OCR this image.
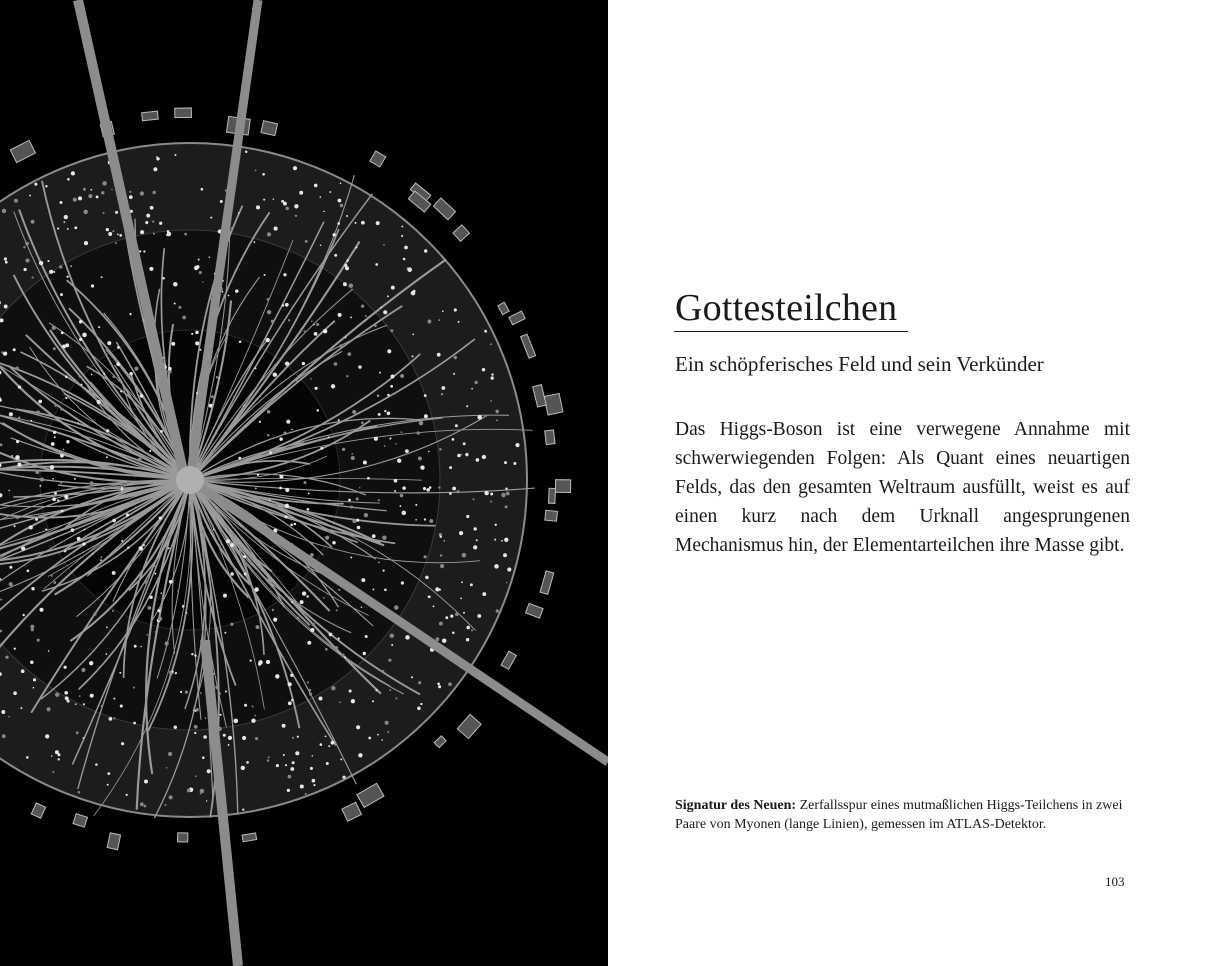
Gottesteilchen
Ein schöpferisches Feld und sein Verkünder

Das Higgs-Boson ist eine verwegene Annahme mit schwerwiegenden Folgen: Als Quant eines neuartigen Felds, das den gesamten Weltraum ausfüllt, weist es auf einen kurz nach dem Urknall angesprungenen Mechanismus hin, der Elementarteilchen ihre Masse gibt.

Signatur des Neuen: Zerfallsspur eines mutmaßlichen Higgs-Teilchens in zwei Paare von Myonen (lange Linien), gemessen im ATLAS-Detektor.

103
